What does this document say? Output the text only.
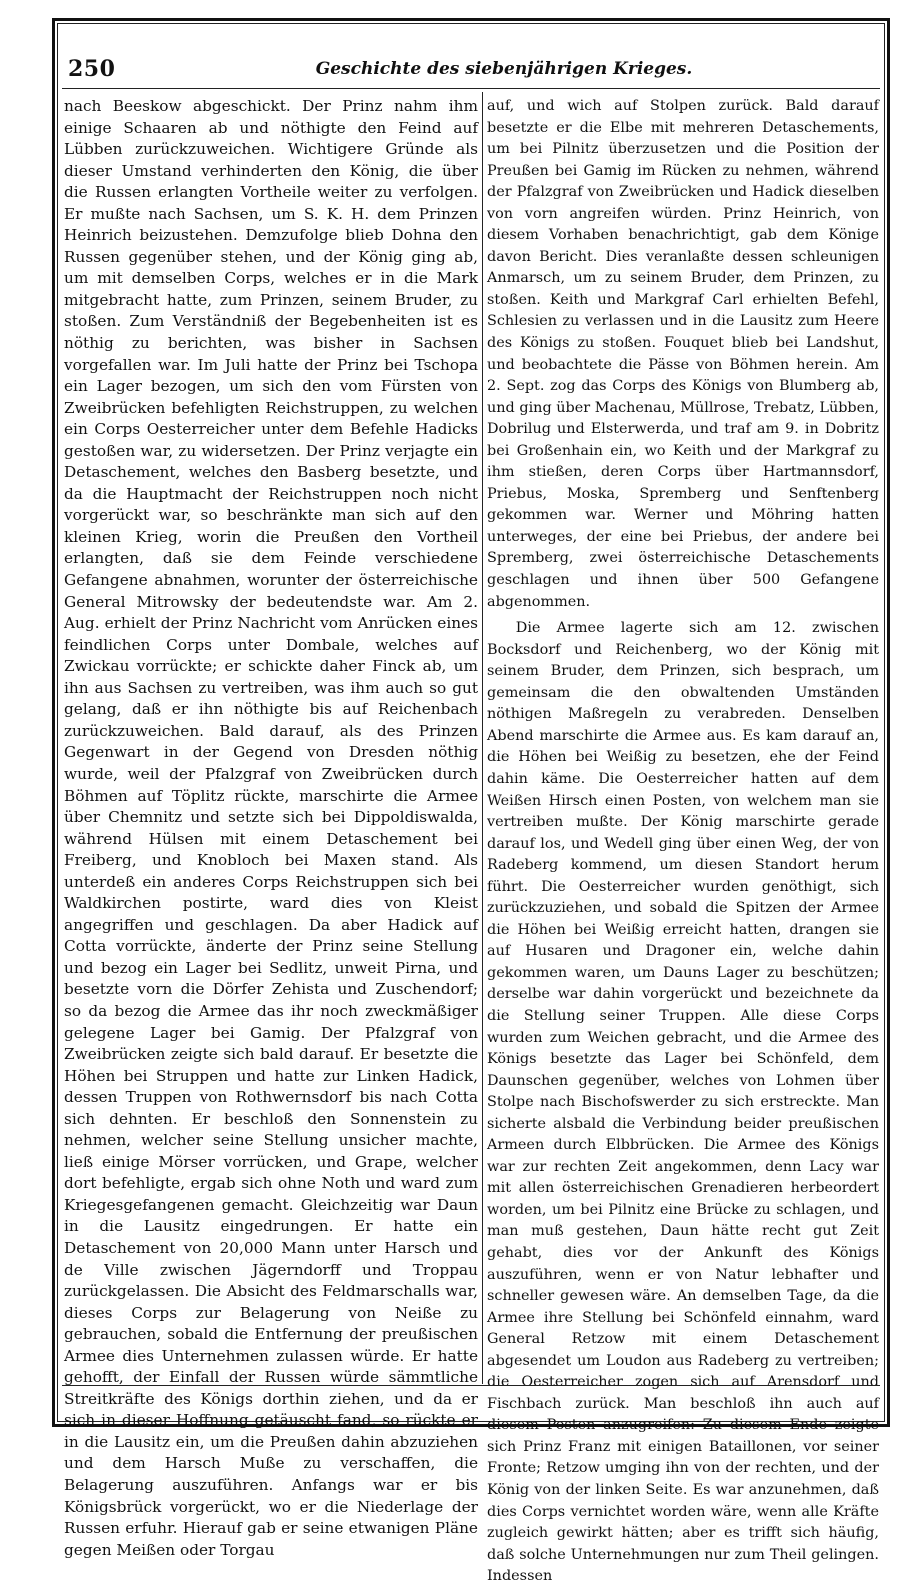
250	Geschichte des siebenjährigen Krieges.

nach Beeskow abgeschickt. Der Prinz nahm ihm einige Schaaren ab und nöthigte den Feind auf Lübben zurückzuweichen. Wichtigere Gründe als dieser Umstand verhinderten den König, die über die Russen erlangten Vortheile weiter zu verfolgen. Er mußte nach Sachsen, um S. K. H. dem Prinzen Heinrich beizustehen. Demzufolge blieb Dohna den Russen gegenüber stehen, und der König ging ab, um mit demselben Corps, welches er in die Mark mitgebracht hatte, zum Prinzen, seinem Bruder, zu stoßen. Zum Verständniß der Begebenheiten ist es nöthig zu berichten, was bisher in Sachsen vorgefallen war. Im Juli hatte der Prinz bei Tschopa ein Lager bezogen, um sich den vom Fürsten von Zweibrücken befehligten Reichstruppen, zu welchen ein Corps Oesterreicher unter dem Befehle Hadicks gestoßen war, zu widersetzen. Der Prinz verjagte ein Detaschement, welches den Basberg besetzte, und da die Hauptmacht der Reichstruppen noch nicht vorgerückt war, so beschränkte man sich auf den kleinen Krieg, worin die Preußen den Vortheil erlangten, daß sie dem Feinde verschiedene Gefangene abnahmen, worunter der österreichische General Mitrowsky der bedeutendste war. Am 2. Aug. erhielt der Prinz Nachricht vom Anrücken eines feindlichen Corps unter Dombale, welches auf Zwickau vorrückte; er schickte daher Finck ab, um ihn aus Sachsen zu vertreiben, was ihm auch so gut gelang, daß er ihn nöthigte bis auf Reichenbach zurückzuweichen. Bald darauf, als des Prinzen Gegenwart in der Gegend von Dresden nöthig wurde, weil der Pfalzgraf von Zweibrücken durch Böhmen auf Töplitz rückte, marschirte die Armee über Chemnitz und setzte sich bei Dippoldiswalda, während Hülsen mit einem Detaschement bei Freiberg, und Knobloch bei Maxen stand. Als unterdeß ein anderes Corps Reichstruppen sich bei Waldkirchen postirte, ward dies von Kleist angegriffen und geschlagen. Da aber Hadick auf Cotta vorrückte, änderte der Prinz seine Stellung und bezog ein Lager bei Sedlitz, unweit Pirna, und besetzte vorn die Dörfer Zehista und Zuschendorf; so da bezog die Armee das ihr noch zweckmäßiger gelegene Lager bei Gamig. Der Pfalzgraf von Zweibrücken zeigte sich bald darauf. Er besetzte die Höhen bei Struppen und hatte zur Linken Hadick, dessen Truppen von Rothwernsdorf bis nach Cotta sich dehnten. Er beschloß den Sonnenstein zu nehmen, welcher seine Stellung unsicher machte, ließ einige Mörser vorrücken, und Grape, welcher dort befehligte, ergab sich ohne Noth und ward zum Kriegesgefangenen gemacht. Gleichzeitig war Daun in die Lausitz eingedrungen. Er hatte ein Detaschement von 20,000 Mann unter Harsch und de Ville zwischen Jägerndorff und Troppau zurückgelassen. Die Absicht des Feldmarschalls war, dieses Corps zur Belagerung von Neiße zu gebrauchen, sobald die Entfernung der preußischen Armee dies Unternehmen zulassen würde. Er hatte gehofft, der Einfall der Russen würde sämmtliche Streitkräfte des Königs dorthin ziehen, und da er sich in dieser Hoffnung getäuscht fand, so rückte er in die Lausitz ein, um die Preußen dahin abzuziehen und dem Harsch Muße zu verschaffen, die Belagerung auszuführen. Anfangs war er bis Königsbrück vorgerückt, wo er die Niederlage der Russen erfuhr. Hierauf gab er seine etwanigen Pläne gegen Meißen oder Torgau

auf, und wich auf Stolpen zurück. Bald darauf besetzte er die Elbe mit mehreren Detaschements, um bei Pilnitz überzusetzen und die Position der Preußen bei Gamig im Rücken zu nehmen, während der Pfalzgraf von Zweibrücken und Hadick dieselben von vorn angreifen würden. Prinz Heinrich, von diesem Vorhaben benachrichtigt, gab dem Könige davon Bericht. Dies veranlaßte dessen schleunigen Anmarsch, um zu seinem Bruder, dem Prinzen, zu stoßen. Keith und Markgraf Carl erhielten Befehl, Schlesien zu verlassen und in die Lausitz zum Heere des Königs zu stoßen. Fouquet blieb bei Landshut, und beobachtete die Pässe von Böhmen herein. Am 2. Sept. zog das Corps des Königs von Blumberg ab, und ging über Machenau, Müllrose, Trebatz, Lübben, Dobrilug und Elsterwerda, und traf am 9. in Dobritz bei Großenhain ein, wo Keith und der Markgraf zu ihm stießen, deren Corps über Hartmannsdorf, Priebus, Moska, Spremberg und Senftenberg gekommen war. Werner und Möhring hatten unterweges, der eine bei Priebus, der andere bei Spremberg, zwei österreichische Detaschements geschlagen und ihnen über 500 Gefangene abgenommen.

Die Armee lagerte sich am 12. zwischen Bocksdorf und Reichenberg, wo der König mit seinem Bruder, dem Prinzen, sich besprach, um gemeinsam die den obwaltenden Umständen nöthigen Maßregeln zu verabreden. Denselben Abend marschirte die Armee aus. Es kam darauf an, die Höhen bei Weißig zu besetzen, ehe der Feind dahin käme. Die Oesterreicher hatten auf dem Weißen Hirsch einen Posten, von welchem man sie vertreiben mußte. Der König marschirte gerade darauf los, und Wedell ging über einen Weg, der von Radeberg kommend, um diesen Standort herum führt. Die Oesterreicher wurden genöthigt, sich zurückzuziehen, und sobald die Spitzen der Armee die Höhen bei Weißig erreicht hatten, drangen sie auf Husaren und Dragoner ein, welche dahin gekommen waren, um Dauns Lager zu beschützen; derselbe war dahin vorgerückt und bezeichnete da die Stellung seiner Truppen. Alle diese Corps wurden zum Weichen gebracht, und die Armee des Königs besetzte das Lager bei Schönfeld, dem Daunschen gegenüber, welches von Lohmen über Stolpe nach Bischofswerder zu sich erstreckte. Man sicherte alsbald die Verbindung beider preußischen Armeen durch Elbbrücken. Die Armee des Königs war zur rechten Zeit angekommen, denn Lacy war mit allen österreichischen Grenadieren herbeordert worden, um bei Pilnitz eine Brücke zu schlagen, und man muß gestehen, Daun hätte recht gut Zeit gehabt, dies vor der Ankunft des Königs auszuführen, wenn er von Natur lebhafter und schneller gewesen wäre. An demselben Tage, da die Armee ihre Stellung bei Schönfeld einnahm, ward General Retzow mit einem Detaschement abgesendet um Loudon aus Radeberg zu vertreiben; die Oesterreicher zogen sich auf Arensdorf und Fischbach zurück. Man beschloß ihn auch auf diesem Posten anzugreifen: Zu diesem Ende zeigte sich Prinz Franz mit einigen Bataillonen, vor seiner Fronte; Retzow umging ihn von der rechten, und der König von der linken Seite. Es war anzunehmen, daß dies Corps vernichtet worden wäre, wenn alle Kräfte zugleich gewirkt hätten; aber es trifft sich häufig, daß solche Unternehmungen nur zum Theil gelingen. Indessen
